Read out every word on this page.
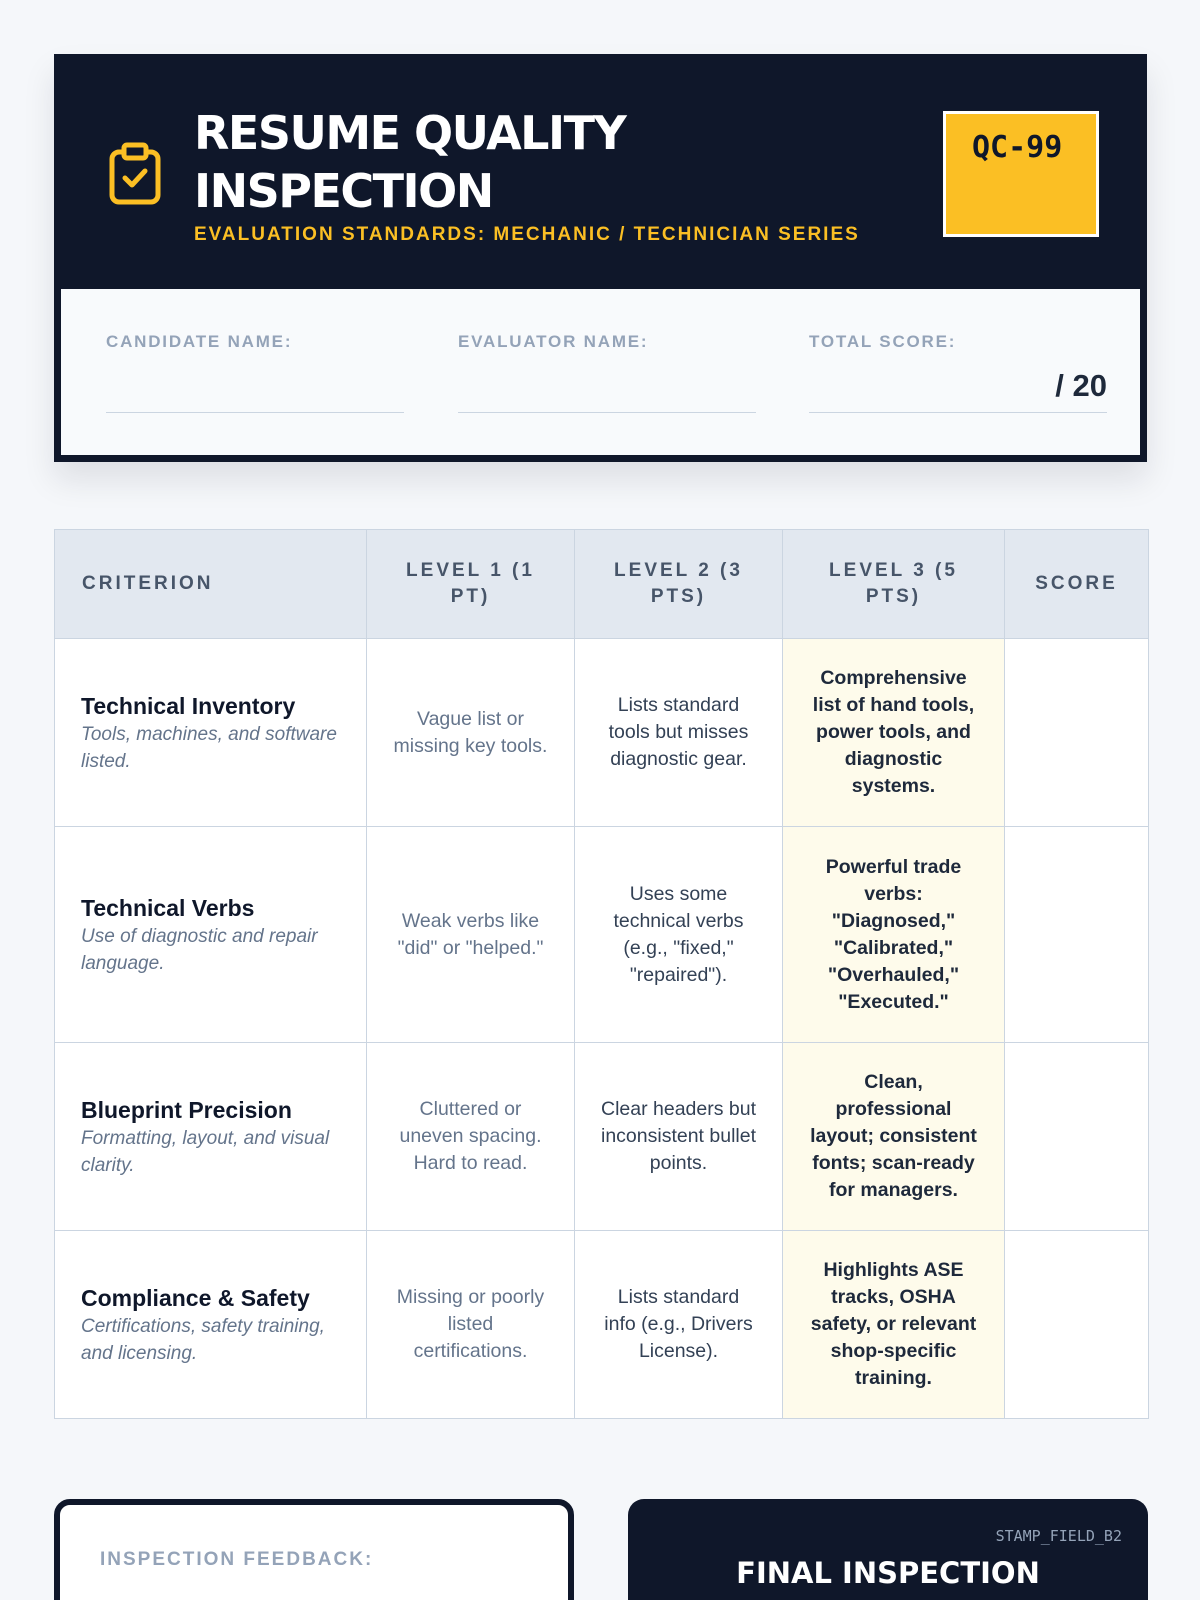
RESUME QUALITY INSPECTION
EVALUATION STANDARDS: MECHANIC / TECHNICIAN SERIES
QC-99
CANDIDATE NAME:	EVALUATOR NAME:	TOTAL SCORE:
/ 20
CRITERION	LEVEL 1 (1 PT)	LEVEL 2 (3 PTS)	LEVEL 3 (5 PTS)	SCORE

Technical Inventory
Tools, machines, and software listed.	Vague list or missing key tools.	Lists standard tools but misses diagnostic gear.	Comprehensive list of hand tools, power tools, and diagnostic systems.	

Technical Verbs
Use of diagnostic and repair language.	Weak verbs like "did" or "helped."	Uses some technical verbs (e.g., "fixed," "repaired").	Powerful trade verbs: "Diagnosed," "Calibrated," "Overhauled," "Executed."	

Blueprint Precision
Formatting, layout, and visual clarity.	Cluttered or uneven spacing. Hard to read.	Clear headers but inconsistent bullet points.	Clean, professional layout; consistent fonts; scan-ready for managers.	

Compliance & Safety
Certifications, safety training, and licensing.	Missing or poorly listed certifications.	Lists standard info (e.g., Drivers License).	Highlights ASE tracks, OSHA safety, or relevant shop-specific training.	
INSPECTION FEEDBACK:
STAMP_FIELD_B2
FINAL INSPECTION
